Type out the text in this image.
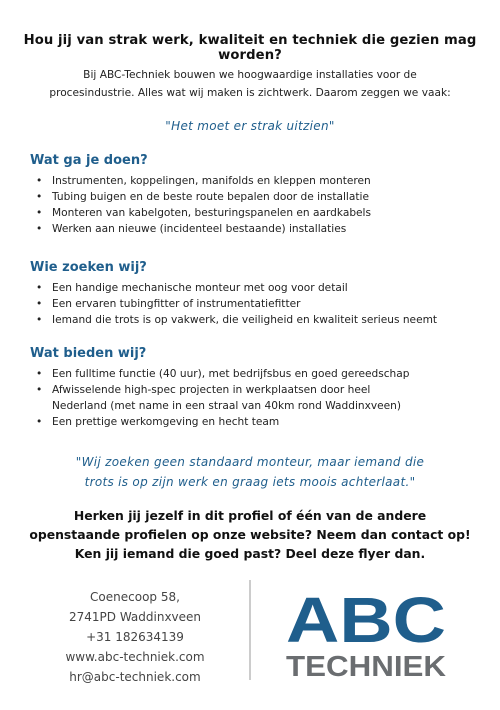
Hou jij van strak werk, kwaliteit en techniek die gezien mag worden?
Bij ABC-Techniek bouwen we hoogwaardige installaties voor de
procesindustrie. Alles wat wij maken is zichtwerk. Daarom zeggen we vaak:
"Het moet er strak uitzien"
Wat ga je doen?
• Instrumenten, koppelingen, manifolds en kleppen monteren
• Tubing buigen en de beste route bepalen door de installatie
• Monteren van kabelgoten, besturingspanelen en aardkabels
• Werken aan nieuwe (incidenteel bestaande) installaties
Wie zoeken wij?
• Een handige mechanische monteur met oog voor detail
• Een ervaren tubingfitter of instrumentatiefitter
• Iemand die trots is op vakwerk, die veiligheid en kwaliteit serieus neemt
Wat bieden wij?
• Een fulltime functie (40 uur), met bedrijfsbus en goed gereedschap
• Afwisselende high-spec projecten in werkplaatsen door heel
Nederland (met name in een straal van 40km rond Waddinxveen)
• Een prettige werkomgeving en hecht team
"Wij zoeken geen standaard monteur, maar iemand die
trots is op zijn werk en graag iets moois achterlaat."
Herken jij jezelf in dit profiel of één van de andere
openstaande profielen op onze website? Neem dan contact op!
Ken jij iemand die goed past? Deel deze flyer dan.
Coenecoop 58,
2741PD Waddinxveen
+31 182634139
www.abc-techniek.com
hr@abc-techniek.com
ABC
TECHNIEK
